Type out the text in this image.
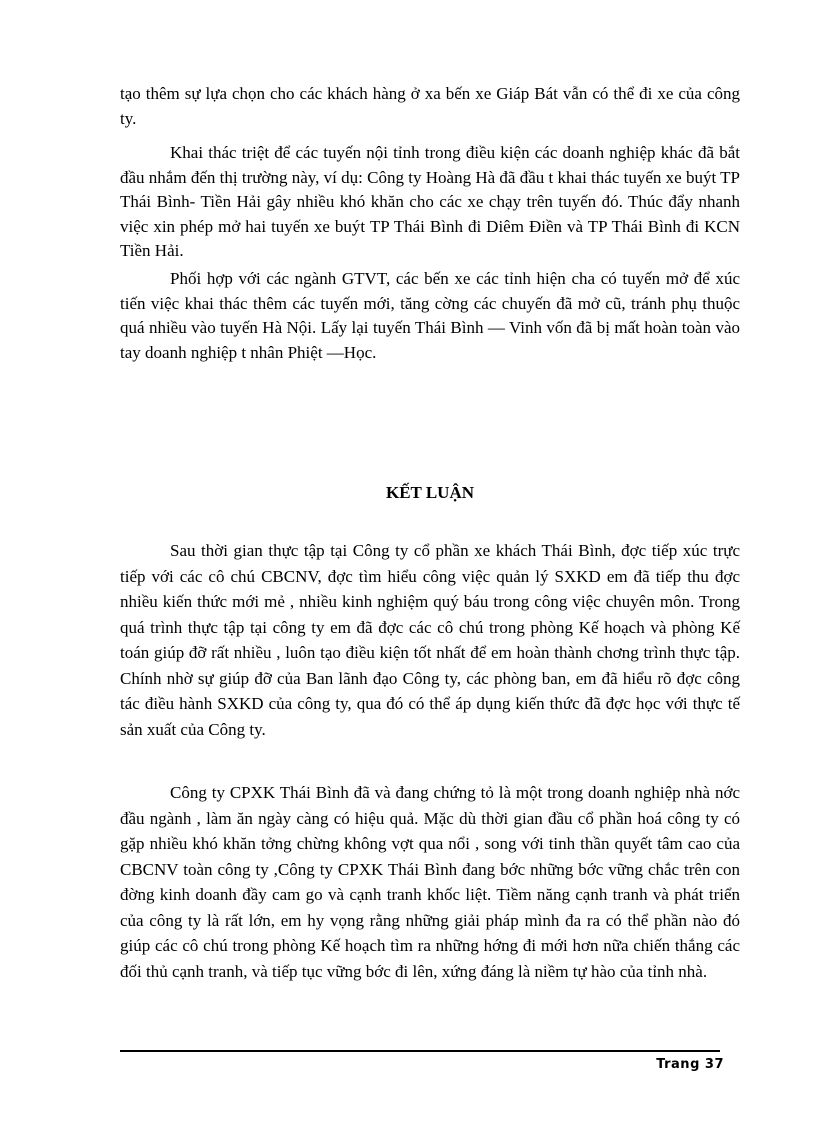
tạo thêm sự lựa chọn cho các khách hàng ở xa bến xe Giáp Bát vẫn có thể đi xe của công ty.

Khai thác triệt để các tuyến nội tỉnh trong điều kiện các doanh nghiệp khác đã bắt đầu nhắm đến thị trường này, ví dụ: Công ty Hoàng Hà đã đầu t khai thác tuyến xe buýt TP Thái Bình- Tiền Hải gây nhiều khó khăn cho các xe chạy trên tuyến đó. Thúc đẩy nhanh việc xin phép mở hai tuyến xe buýt TP Thái Bình đi Diêm Điền và TP Thái Bình đi KCN Tiền Hải.

Phối hợp với các ngành GTVT, các bến xe các tỉnh hiện cha có tuyến mở để xúc tiến việc khai thác thêm các tuyến mới, tăng cờng các chuyến đã mở cũ, tránh phụ thuộc quá nhiều vào tuyến Hà Nội. Lấy lại tuyến Thái Bình — Vinh vốn đã bị mất hoàn toàn vào tay doanh nghiệp t nhân Phiệt —Học.

KẾT LUẬN

Sau thời gian thực tập tại Công ty cổ phần xe khách Thái Bình, đợc tiếp xúc trực tiếp với các cô chú CBCNV, đợc tìm hiểu công việc quản lý SXKD em đã tiếp thu đợc nhiều kiến thức mới mẻ , nhiều kinh nghiệm quý báu trong công việc chuyên môn. Trong quá trình thực tập tại công ty em đã đợc các cô chú trong phòng Kế hoạch và phòng Kế toán giúp đỡ rất nhiều , luôn tạo điều kiện tốt nhất để em hoàn thành chơng trình thực tập. Chính nhờ sự giúp đỡ của Ban lãnh đạo Công ty, các phòng ban, em đã hiểu rõ đợc công tác điều hành SXKD của công ty, qua đó có thể áp dụng kiến thức đã đợc học với thực tế sản xuất của Công ty.

Công ty CPXK Thái Bình đã và đang chứng tỏ là một trong doanh nghiệp nhà nớc đầu ngành , làm ăn ngày càng có hiệu quả. Mặc dù thời gian đầu cổ phần hoá công ty có gặp nhiều khó khăn tởng chừng không vợt qua nổi , song với tinh thần quyết tâm cao của CBCNV toàn công ty ,Công ty CPXK Thái Bình đang bớc những bớc vững chắc trên con đờng kinh doanh đầy cam go và cạnh tranh khốc liệt. Tiềm năng cạnh tranh và phát triển của công ty là rất lớn, em hy vọng rằng những giải pháp mình đa ra có thể phần nào đó giúp các cô chú trong phòng Kế hoạch tìm ra những hớng đi mới hơn nữa chiến thắng các đối thủ cạnh tranh, và tiếp tục vững bớc đi lên, xứng đáng là niềm tự hào của tỉnh nhà.

Trang 37
